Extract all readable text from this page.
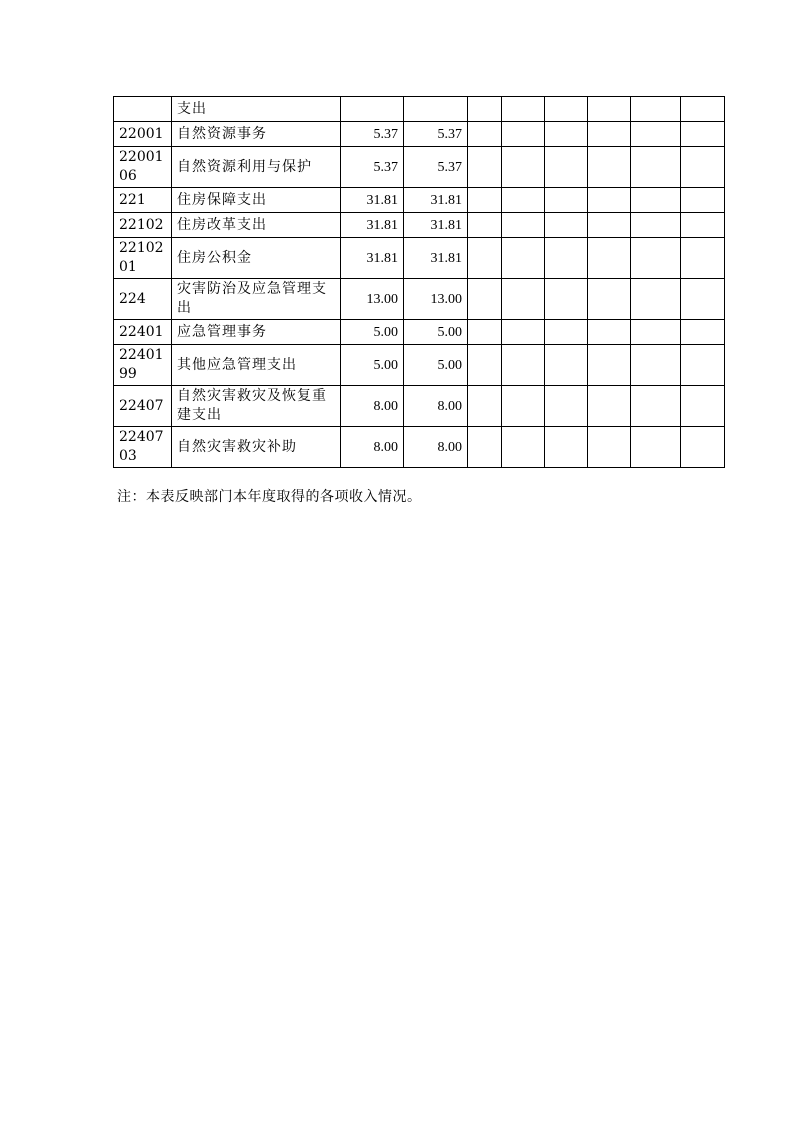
	支出								
22001	自然资源事务	5.37	5.37						
2200106	自然资源利用与保护	5.37	5.37						
221	住房保障支出	31.81	31.81						
22102	住房改革支出	31.81	31.81						
2210201	住房公积金	31.81	31.81						
224	灾害防治及应急管理支出	13.00	13.00						
22401	应急管理事务	5.00	5.00						
2240199	其他应急管理支出	5.00	5.00						
22407	自然灾害救灾及恢复重建支出	8.00	8.00						
2240703	自然灾害救灾补助	8.00	8.00						
注：本表反映部门本年度取得的各项收入情况。
